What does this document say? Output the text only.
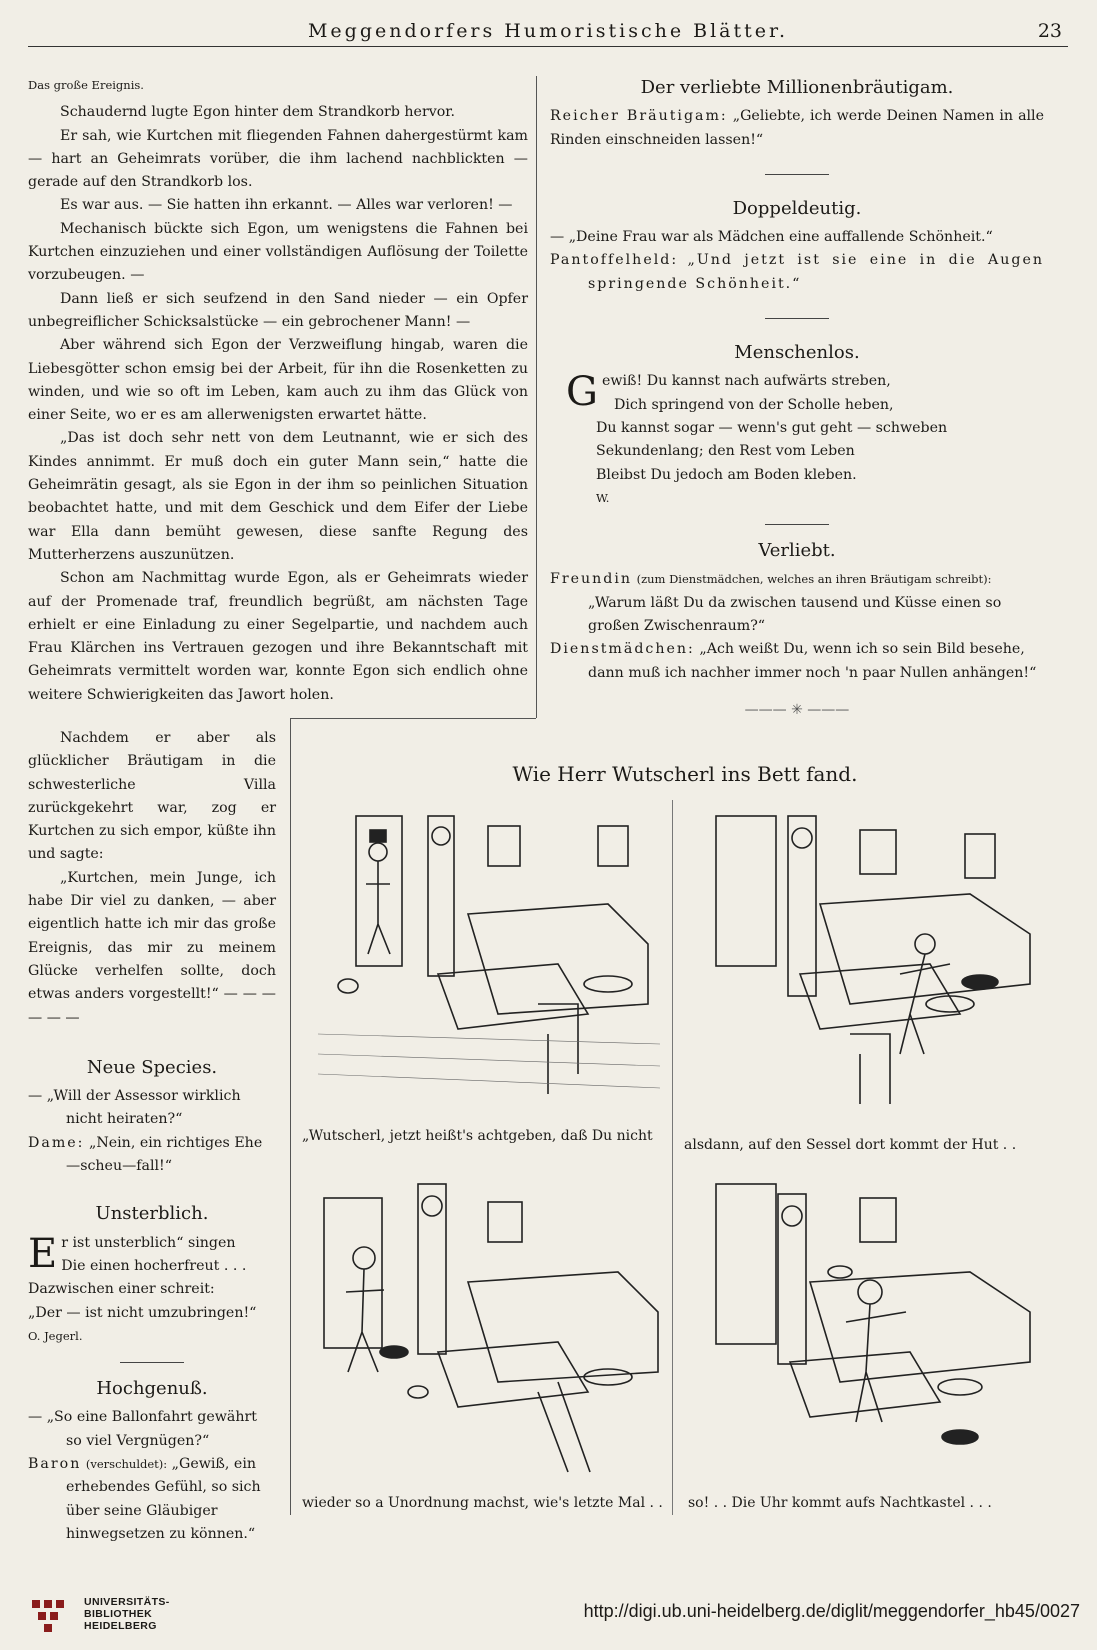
Meggendorfers Humoristische Blätter.	23

Das große Ereignis.

Schaudernd lugte Egon hinter dem Strandkorb hervor.

Er sah, wie Kurtchen mit fliegenden Fahnen dahergestürmt kam — hart an Geheimrats vorüber, die ihm lachend nachblickten — gerade auf den Strandkorb los.

Es war aus. — Sie hatten ihn erkannt. — Alles war verloren! —

Mechanisch bückte sich Egon, um wenigstens die Fahnen bei Kurtchen einzuziehen und einer vollständigen Auflösung der Toilette vorzubeugen. —

Dann ließ er sich seufzend in den Sand nieder — ein Opfer unbegreiflicher Schicksalstücke — ein gebrochener Mann! —

Aber während sich Egon der Verzweiflung hingab, waren die Liebesgötter schon emsig bei der Arbeit, für ihn die Rosenketten zu winden, und wie so oft im Leben, kam auch zu ihm das Glück von einer Seite, wo er es am allerwenigsten erwartet hätte.

„Das ist doch sehr nett von dem Leutnannt, wie er sich des Kindes annimmt. Er muß doch ein guter Mann sein,“ hatte die Geheimrätin gesagt, als sie Egon in der ihm so peinlichen Situation beobachtet hatte, und mit dem Geschick und dem Eifer der Liebe war Ella dann bemüht gewesen, diese sanfte Regung des Mutterherzens auszunützen.

Schon am Nachmittag wurde Egon, als er Geheimrats wieder auf der Promenade traf, freundlich begrüßt, am nächsten Tage erhielt er eine Einladung zu einer Segelpartie, und nachdem auch Frau Klärchen ins Vertrauen gezogen und ihre Bekanntschaft mit Geheimrats vermittelt worden war, konnte Egon sich endlich ohne weitere Schwierigkeiten das Jawort holen.

Nachdem er aber als glücklicher Bräutigam in die schwesterliche Villa zurückgekehrt war, zog er Kurtchen zu sich empor, küßte ihn und sagte:

„Kurtchen, mein Junge, ich habe Dir viel zu danken, — aber eigentlich hatte ich mir das große Ereignis, das mir zu meinem Glücke verhelfen sollte, doch etwas anders vorgestellt!“ — — — — — —

Neue Species.

— „Will der Assessor wirklich nicht heiraten?“

Dame: „Nein, ein richtiges Ehe—scheu—fall!“

Unsterblich.
E r ist unsterblich“ singen

Die einen hocherfreut . . .

Dazwischen einer schreit:

„Der — ist nicht umzubringen!“

O. Jegerl.

Hochgenuß.

— „So eine Ballonfahrt gewährt so viel Vergnügen?“

Baron (verschuldet): „Gewiß, ein erhebendes Gefühl, so sich über seine Gläubiger hinwegsetzen zu können.“

Der verliebte Millionenbräutigam.

Reicher Bräutigam: „Geliebte, ich werde Deinen Namen in alle Rinden einschneiden lassen!“

Doppeldeutig.

— „Deine Frau war als Mädchen eine auffallende Schönheit.“

Pantoffelheld: „Und jetzt ist sie eine in die Augen springende Schönheit.“

Menschenlos.
G ewiß! Du kannst nach aufwärts streben,

Dich springend von der Scholle heben,

Du kannst sogar — wenn's gut geht — schweben

Sekundenlang; den Rest vom Leben

Bleibst Du jedoch am Boden kleben.

W.

Verliebt.

Freundin (zum Dienstmädchen, welches an ihren Bräutigam schreibt): „Warum läßt Du da zwischen tausend und Küsse einen so großen Zwischenraum?“

Dienstmädchen: „Ach weißt Du, wenn ich so sein Bild besehe, dann muß ich nachher immer noch 'n paar Nullen anhängen!“

——— ✳ ———
Wie Herr Wutscherl ins Bett fand.
„Wutscherl, jetzt heißt's achtgeben, daß Du nicht
alsdann, auf den Sessel dort kommt der Hut . .
wieder so a Unordnung machst, wie's letzte Mal . . so! . . Die Uhr kommt aufs Nachtkastel . . .
UNIVERSITÄTS-
BIBLIOTHEK
HEIDELBERG
http://digi.ub.uni-heidelberg.de/diglit/meggendorfer_hb45/0027
